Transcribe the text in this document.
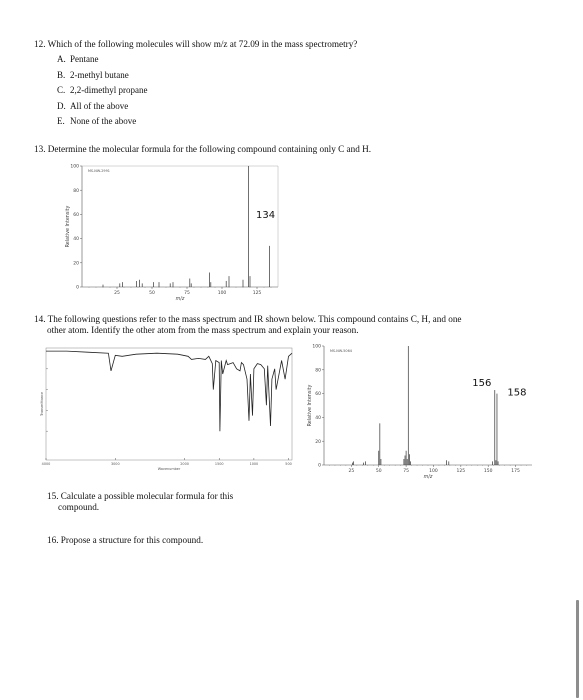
12. Which of the following molecules will show m/z at 72.09 in the mass spectrometry?
A. Pentane
B. 2-methyl butane
C. 2,2-dimethyl propane
D. All of the above
E. None of the above
13. Determine the molecular formula for the following compound containing only C and H.
100
80
60
40
20
0
25	50	75	100	125
m/z
Relative Intensity
MS-NW-2991
134
14. The following questions refer to the mass spectrum and IR shown below. This compound contains C, H, and one
other atom. Identify the other atom from the mass spectrum and explain your reason.
4000	3000	2000	1500	1000	500
Wavenumber
Transmittance
100
80
60
40
20
0
25	50	75	100	125	150	175
m/z
Relative Intensity
MS-NW-5064
156
158
15. Calculate a possible molecular formula for this
compound.
16. Propose a structure for this compound.
